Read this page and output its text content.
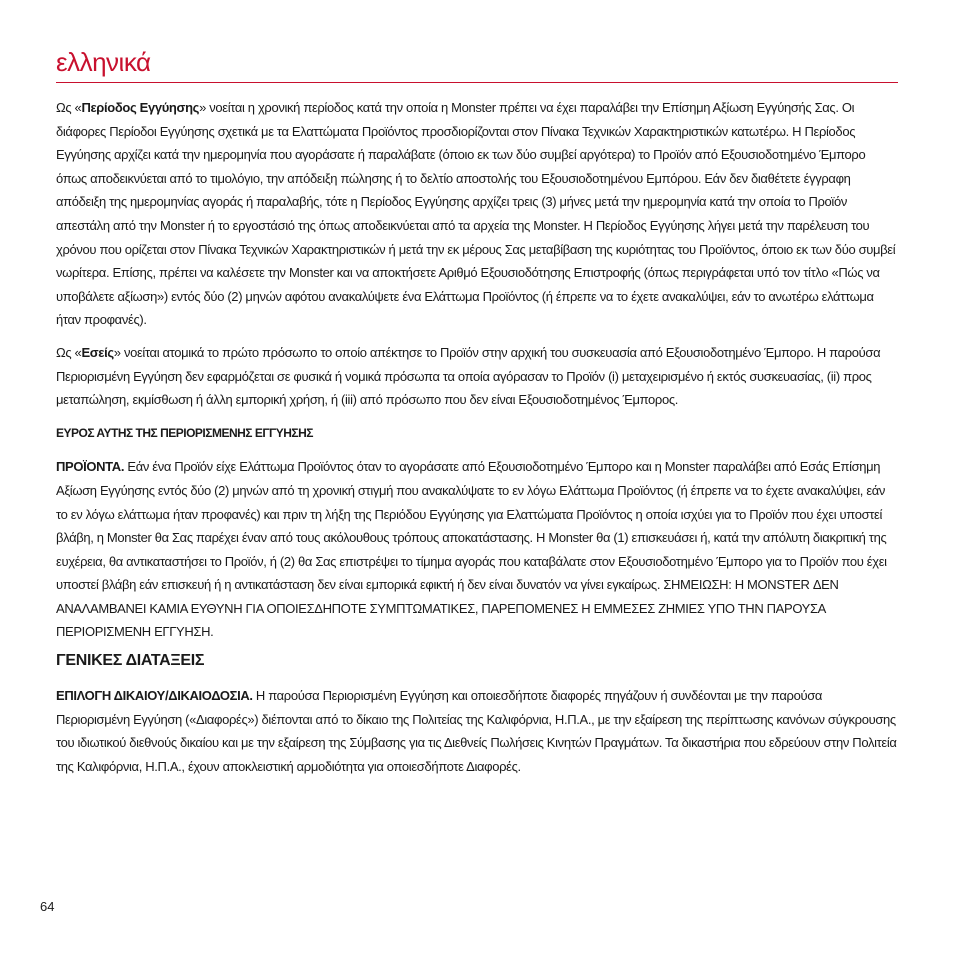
ελληνικά

Ως «Περίοδος Εγγύησης» νοείται η χρονική περίοδος κατά την οποία η Monster πρέπει να έχει παραλάβει την Επίσημη Αξίωση Εγγύησής Σας. Οι διάφορες Περίοδοι Εγγύησης σχετικά με τα Ελαττώματα Προϊόντος προσδιορίζονται στον Πίνακα Τεχνικών Χαρακτηριστικών κατωτέρω. Η Περίοδος Εγγύησης αρχίζει κατά την ημερομηνία που αγοράσατε ή παραλάβατε (όποιο εκ των δύο συμβεί αργότερα) το Προϊόν από Εξουσιοδοτημένο Έμπορο όπως αποδεικνύεται από το τιμολόγιο, την απόδειξη πώλησης ή το δελτίο αποστολής του Εξουσιοδοτημένου Εμπόρου. Εάν δεν διαθέτετε έγγραφη απόδειξη της ημερομηνίας αγοράς ή παραλαβής, τότε η Περίοδος Εγγύησης αρχίζει τρεις (3) μήνες μετά την ημερομηνία κατά την οποία το Προϊόν απεστάλη από την Monster ή το εργοστάσιό της όπως αποδεικνύεται από τα αρχεία της Monster. Η Περίοδος Εγγύησης λήγει μετά την παρέλευση του χρόνου που ορίζεται στον Πίνακα Τεχνικών Χαρακτηριστικών ή μετά την εκ μέρους Σας μεταβίβαση της κυριότητας του Προϊόντος, όποιο εκ των δύο συμβεί νωρίτερα. Επίσης, πρέπει να καλέσετε την Monster και να αποκτήσετε Αριθμό Εξουσιοδότησης Επιστροφής (όπως περιγράφεται υπό τον τίτλο «Πώς να υποβάλετε αξίωση») εντός δύο (2) μηνών αφότου ανακαλύψετε ένα Ελάττωμα Προϊόντος (ή έπρεπε να το έχετε ανακαλύψει, εάν το ανωτέρω ελάττωμα ήταν προφανές).

Ως «Εσείς» νοείται ατομικά το πρώτο πρόσωπο το οποίο απέκτησε το Προϊόν στην αρχική του συσκευασία από Εξουσιοδοτημένο Έμπορο. Η παρούσα Περιορισμένη Εγγύηση δεν εφαρμόζεται σε φυσικά ή νομικά πρόσωπα τα οποία αγόρασαν το Προϊόν (i) μεταχειρισμένο ή εκτός συσκευασίας, (ii) προς μεταπώληση, εκμίσθωση ή άλλη εμπορική χρήση, ή (iii) από πρόσωπο που δεν είναι Εξουσιοδοτημένος Έμπορος.

ΕΥΡΟΣ ΑΥΤΗΣ ΤΗΣ ΠΕΡΙΟΡΙΣΜΕΝΗΣ ΕΓΓΥΗΣΗΣ

ΠΡΟΪΟΝΤΑ. Εάν ένα Προϊόν είχε Ελάττωμα Προϊόντος όταν το αγοράσατε από Εξουσιοδοτημένο Έμπορο και η Monster παραλάβει από Εσάς Επίσημη Αξίωση Εγγύησης εντός δύο (2) μηνών από τη χρονική στιγμή που ανακαλύψατε το εν λόγω Ελάττωμα Προϊόντος (ή έπρεπε να το έχετε ανακαλύψει, εάν το εν λόγω ελάττωμα ήταν προφανές) και πριν τη λήξη της Περιόδου Εγγύησης για Ελαττώματα Προϊόντος η οποία ισχύει για το Προϊόν που έχει υποστεί βλάβη, η Monster θα Σας παρέχει έναν από τους ακόλουθους τρόπους αποκατάστασης. Η Monster θα (1) επισκευάσει ή, κατά την απόλυτη διακριτική της ευχέρεια, θα αντικαταστήσει το Προϊόν, ή (2) θα Σας επιστρέψει το τίμημα αγοράς που καταβάλατε στον Εξουσιοδοτημένο Έμπορο για το Προϊόν που έχει υποστεί βλάβη εάν επισκευή ή η αντικατάσταση δεν είναι εμπορικά εφικτή ή δεν είναι δυνατόν να γίνει εγκαίρως. ΣΗΜΕΙΩΣΗ: Η MONSTER ΔΕΝ ΑΝΑΛΑΜΒΑΝΕΙ ΚΑΜΙΑ ΕΥΘΥΝΗ ΓΙΑ ΟΠΟΙΕΣΔΗΠΟΤΕ ΣΥΜΠΤΩΜΑΤΙΚΕΣ, ΠΑΡΕΠΟΜΕΝΕΣ Η ΕΜΜΕΣΕΣ ΖΗΜΙΕΣ ΥΠΟ ΤΗΝ ΠΑΡΟΥΣΑ ΠΕΡΙΟΡΙΣΜΕΝΗ ΕΓΓΥΗΣΗ.

ΓΕΝΙΚΕΣ ΔΙΑΤΑΞΕΙΣ

ΕΠΙΛΟΓΗ ΔΙΚΑΙΟΥ/ΔΙΚΑΙΟΔΟΣΙΑ. Η παρούσα Περιορισμένη Εγγύηση και οποιεσδήποτε διαφορές πηγάζουν ή συνδέονται με την παρούσα Περιορισμένη Εγγύηση («Διαφορές») διέπονται από το δίκαιο της Πολιτείας της Καλιφόρνια, Η.Π.Α., με την εξαίρεση της περίπτωσης κανόνων σύγκρουσης του ιδιωτικού διεθνούς δικαίου και με την εξαίρεση της Σύμβασης για τις Διεθνείς Πωλήσεις Κινητών Πραγμάτων. Τα δικαστήρια που εδρεύουν στην Πολιτεία της Καλιφόρνια, Η.Π.Α., έχουν αποκλειστική αρμοδιότητα για οποιεσδήποτε Διαφορές.

64
